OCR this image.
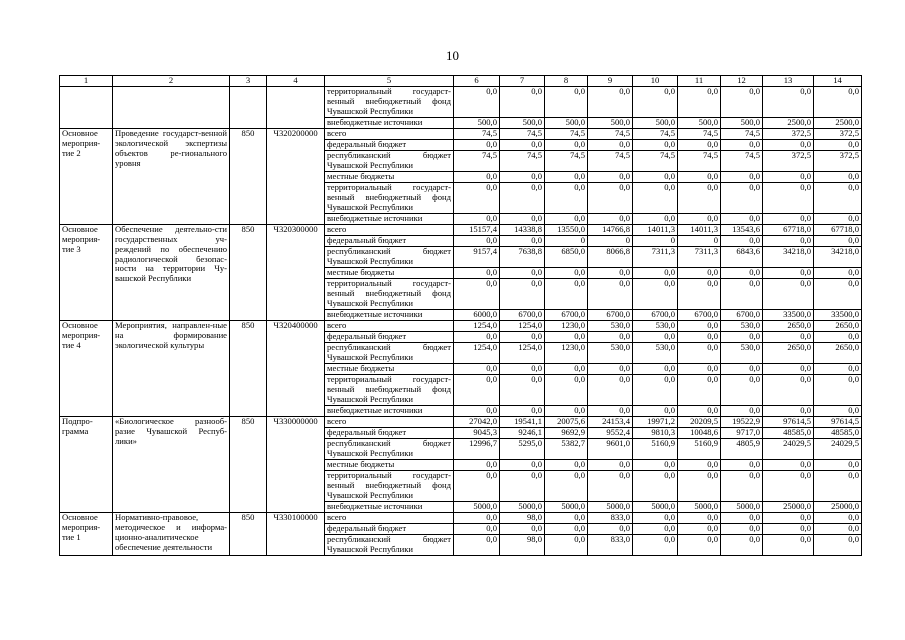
10
1	2	3	4	5	6	7	8	9	10	11	12	13	14
				территориальный государст-венный внебюджетный фонд Чувашской Республики	0,0	0,0	0,0	0,0	0,0	0,0	0,0	0,0	0,0
				внебюджетные источники	500,0	500,0	500,0	500,0	500,0	500,0	500,0	2500,0	2500,0
Основное мероприя-тие 2	Проведение государст-венной экологической экспертизы объектов ре-гионального уровня	850	Ч320200000	всего	74,5	74,5	74,5	74,5	74,5	74,5	74,5	372,5	372,5
				федеральный бюджет	0,0	0,0	0,0	0,0	0,0	0,0	0,0	0,0	0,0
				республиканский бюджет Чувашской Республики	74,5	74,5	74,5	74,5	74,5	74,5	74,5	372,5	372,5
				местные бюджеты	0,0	0,0	0,0	0,0	0,0	0,0	0,0	0,0	0,0
				территориальный государст-венный внебюджетный фонд Чувашской Республики	0,0	0,0	0,0	0,0	0,0	0,0	0,0	0,0	0,0
				внебюджетные источники	0,0	0,0	0,0	0,0	0,0	0,0	0,0	0,0	0,0
Основное мероприя-тие 3	Обеспечение деятельно-сти государственных уч-реждений по обеспечению радиологической безопас-ности на территории Чу-вашской Республики	850	Ч320300000	всего	15157,4	14338,8	13550,0	14766,8	14011,3	14011,3	13543,6	67718,0	67718,0
				федеральный бюджет	0,0	0,0	0	0	0	0	0,0	0,0	0,0
				республиканский бюджет Чувашской Республики	9157,4	7638,8	6850,0	8066,8	7311,3	7311,3	6843,6	34218,0	34218,0
				местные бюджеты	0,0	0,0	0,0	0,0	0,0	0,0	0,0	0,0	0,0
				территориальный государст-венный внебюджетный фонд Чувашской Республики	0,0	0,0	0,0	0,0	0,0	0,0	0,0	0,0	0,0
				внебюджетные источники	6000,0	6700,0	6700,0	6700,0	6700,0	6700,0	6700,0	33500,0	33500,0
Основное мероприя-тие 4	Мероприятия, направлен-ные на формирование экологической культуры	850	Ч320400000	всего	1254,0	1254,0	1230,0	530,0	530,0	0,0	530,0	2650,0	2650,0
				федеральный бюджет	0,0	0,0	0,0	0,0	0,0	0,0	0,0	0,0	0,0
				республиканский бюджет Чувашской Республики	1254,0	1254,0	1230,0	530,0	530,0	0,0	530,0	2650,0	2650,0
				местные бюджеты	0,0	0,0	0,0	0,0	0,0	0,0	0,0	0,0	0,0
				территориальный государст-венный внебюджетный фонд Чувашской Республики	0,0	0,0	0,0	0,0	0,0	0,0	0,0	0,0	0,0
				внебюджетные источники	0,0	0,0	0,0	0,0	0,0	0,0	0,0	0,0	0,0
Подпро-грамма	«Биологическое разнооб-разие Чувашской Респуб-лики»	850	Ч330000000	всего	27042,0	19541,1	20075,6	24153,4	19971,2	20209,5	19522,9	97614,5	97614,5
				федеральный бюджет	9045,3	9246,1	9692,9	9552,4	9810,3	10048,6	9717,0	48585,0	48585,0
				республиканский бюджет Чувашской Республики	12996,7	5295,0	5382,7	9601,0	5160,9	5160,9	4805,9	24029,5	24029,5
				местные бюджеты	0,0	0,0	0,0	0,0	0,0	0,0	0,0	0,0	0,0
				территориальный государст-венный внебюджетный фонд Чувашской Республики	0,0	0,0	0,0	0,0	0,0	0,0	0,0	0,0	0,0
				внебюджетные источники	5000,0	5000,0	5000,0	5000,0	5000,0	5000,0	5000,0	25000,0	25000,0
Основное мероприя-тие 1	Нормативно-правовое, методическое и информа-ционно-аналитическое обеспечение деятельности	850	Ч330100000	всего	0,0	98,0	0,0	833,0	0,0	0,0	0,0	0,0	0,0
				федеральный бюджет	0,0	0,0	0,0	0,0	0,0	0,0	0,0	0,0	0,0
				республиканский бюджет Чувашской Республики	0,0	98,0	0,0	833,0	0,0	0,0	0,0	0,0	0,0
